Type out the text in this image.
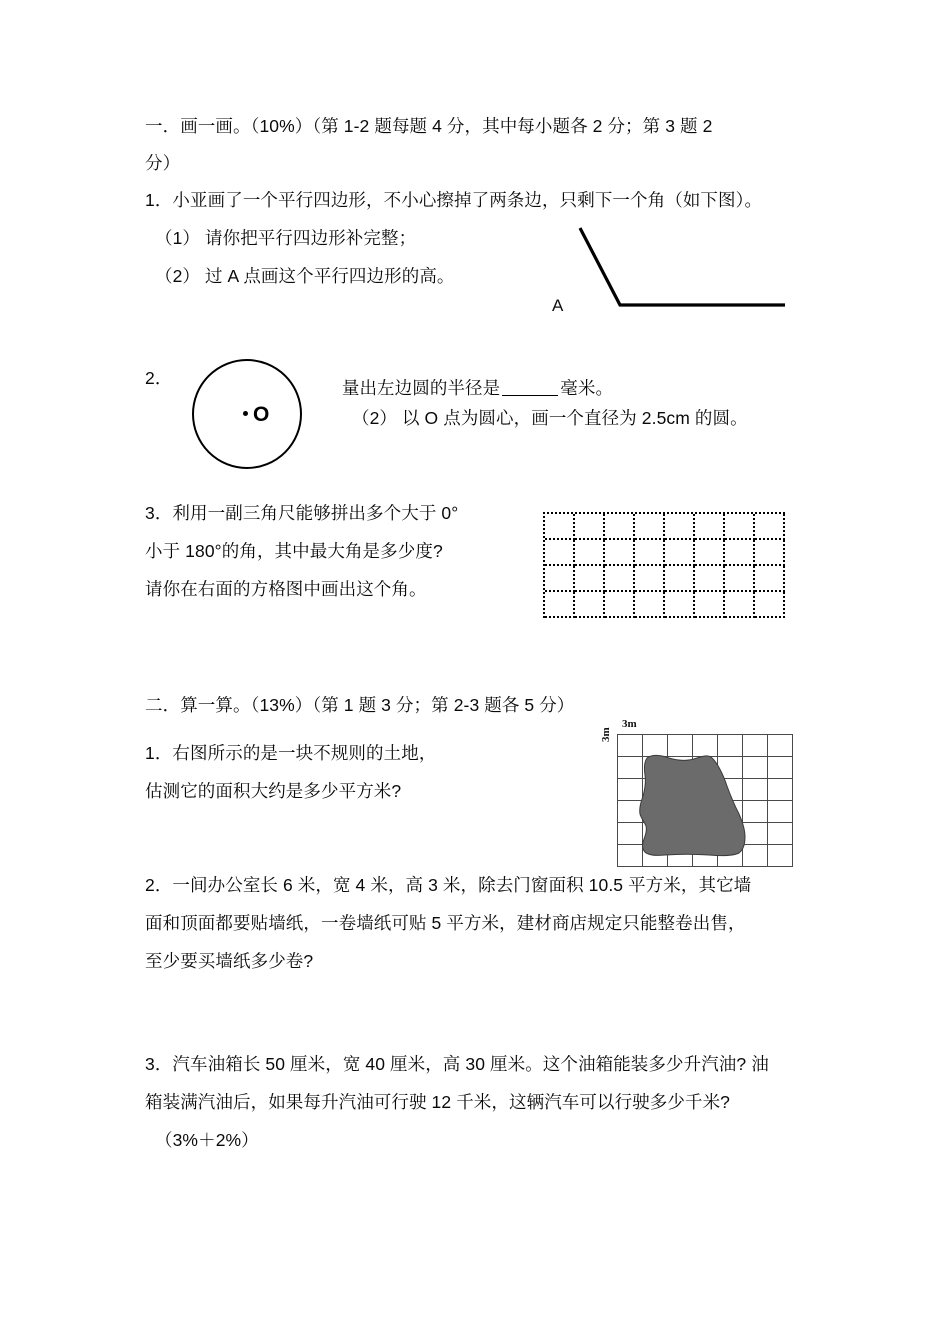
一．画一画。（10%）（第 1-2 题每题 4 分，其中每小题各 2 分；第 3 题 2
分）
1．小亚画了一个平行四边形，不小心擦掉了两条边，只剩下一个角（如下图）。
（1） 请你把平行四边形补完整；
（2） 过 A 点画这个平行四边形的高。
A
2．
O

量出左边圆的半径是	毫米。

（2） 以 O 点为圆心，画一个直径为 2.5cm 的圆。
3．利用一副三角尺能够拼出多个大于 0°
小于 180°的角，其中最大角是多少度?
请你在右面的方格图中画出这个角。
二．算一算。（13%）（第 1 题 3 分；第 2-3 题各 5 分）
1．右图所示的是一块不规则的土地，
估测它的面积大约是多少平方米?
3m
3m
2．一间办公室长 6 米，宽 4 米，高 3 米，除去门窗面积 10.5 平方米，其它墙
面和顶面都要贴墙纸，一卷墙纸可贴 5 平方米，建材商店规定只能整卷出售，
至少要买墙纸多少卷?
3．汽车油箱长 50 厘米，宽 40 厘米，高 30 厘米。这个油箱能装多少升汽油? 油
箱装满汽油后，如果每升汽油可行驶 12 千米，这辆汽车可以行驶多少千米?
（3%＋2%）
